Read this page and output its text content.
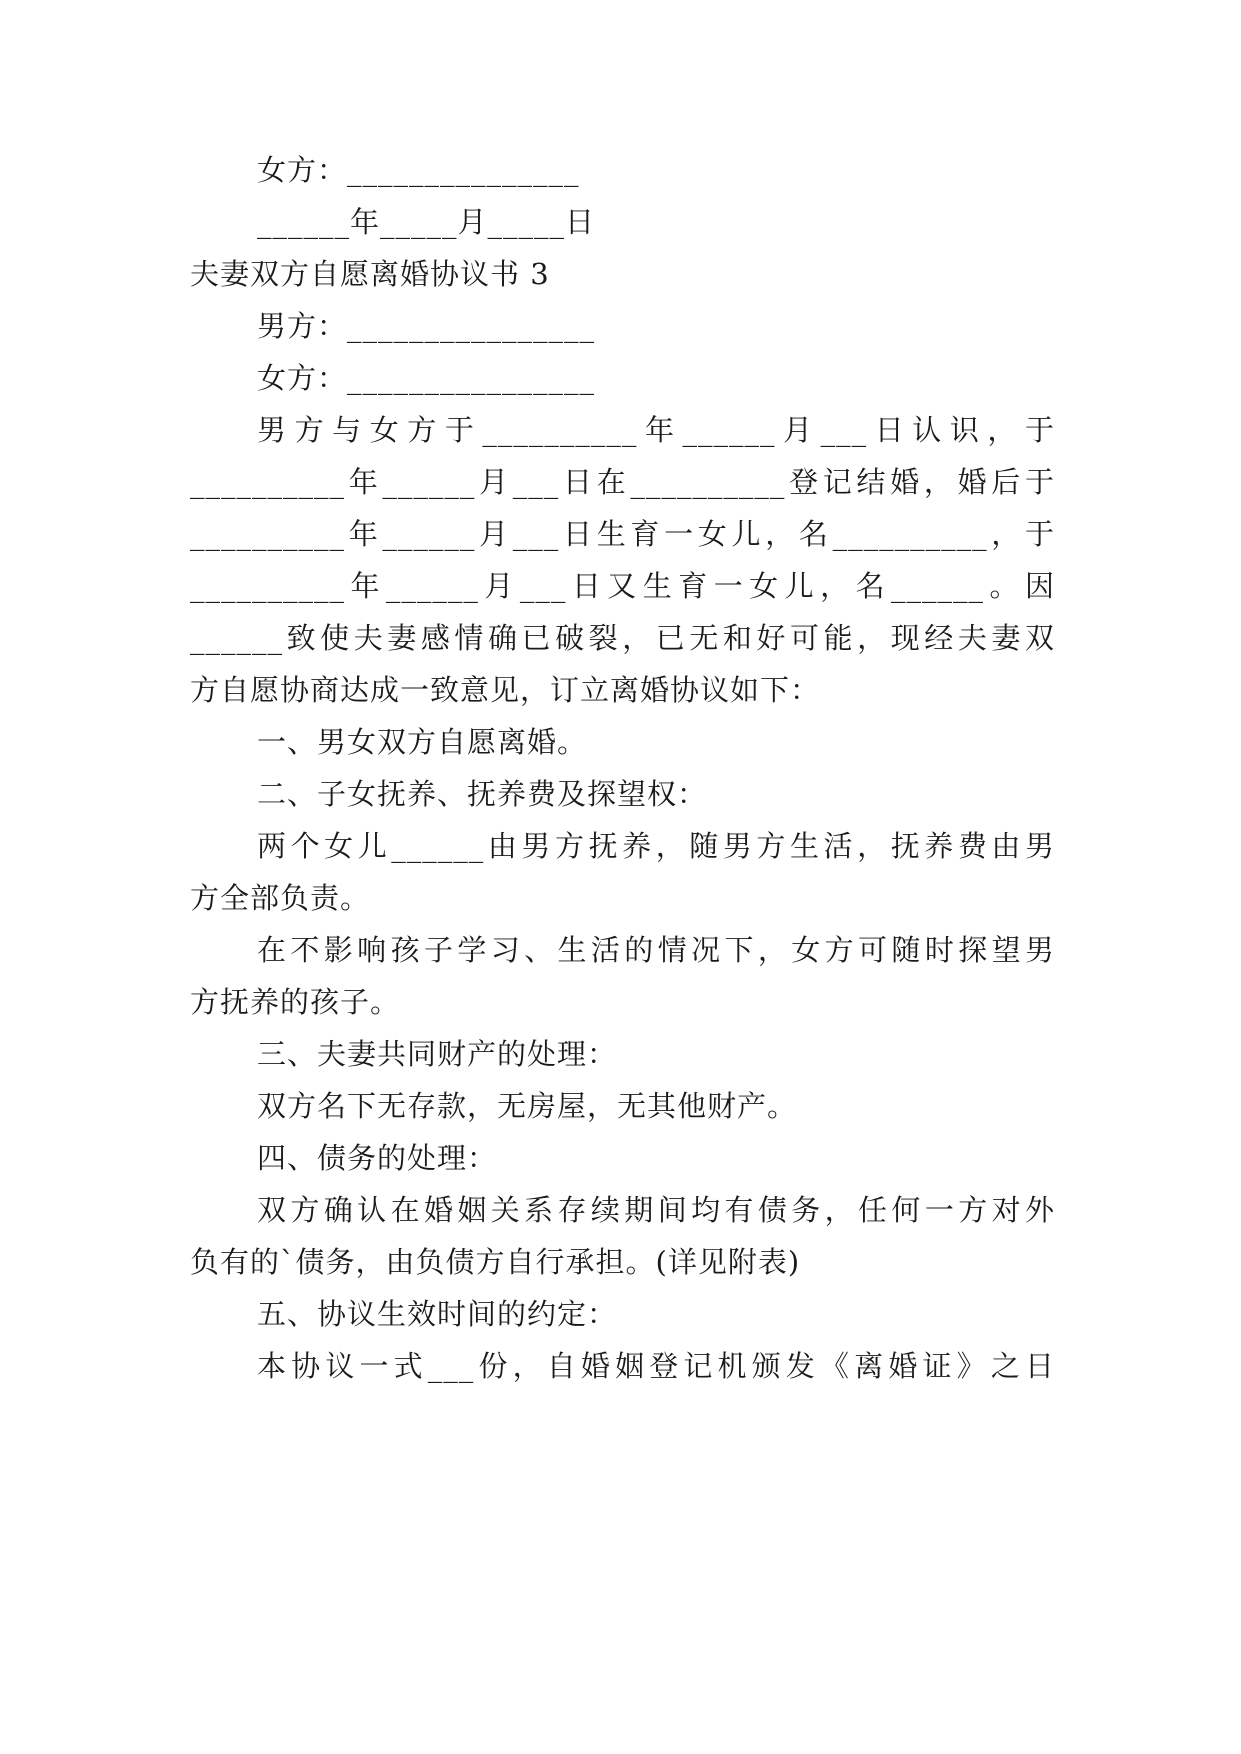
女方：_______________
______年_____月_____日
夫妻双方自愿离婚协议书 3
男方：________________
女方：________________
男方与女方于__________年______月___日认识，于
__________年______月___日在__________登记结婚，婚后于
__________年______月___日生育一女儿，名__________，于
__________年______月___日又生育一女儿，名______。因
______致使夫妻感情确已破裂，已无和好可能，现经夫妻双
方自愿协商达成一致意见，订立离婚协议如下：
一、男女双方自愿离婚。
二、子女抚养、抚养费及探望权：
两个女儿______由男方抚养，随男方生活，抚养费由男
方全部负责。
在不影响孩子学习、生活的情况下，女方可随时探望男
方抚养的孩子。
三、夫妻共同财产的处理：
双方名下无存款，无房屋，无其他财产。
四、债务的处理：
双方确认在婚姻关系存续期间均有债务，任何一方对外
负有的`债务，由负债方自行承担。(详见附表)
五、协议生效时间的约定：
本协议一式___份，自婚姻登记机颁发《离婚证》之日
